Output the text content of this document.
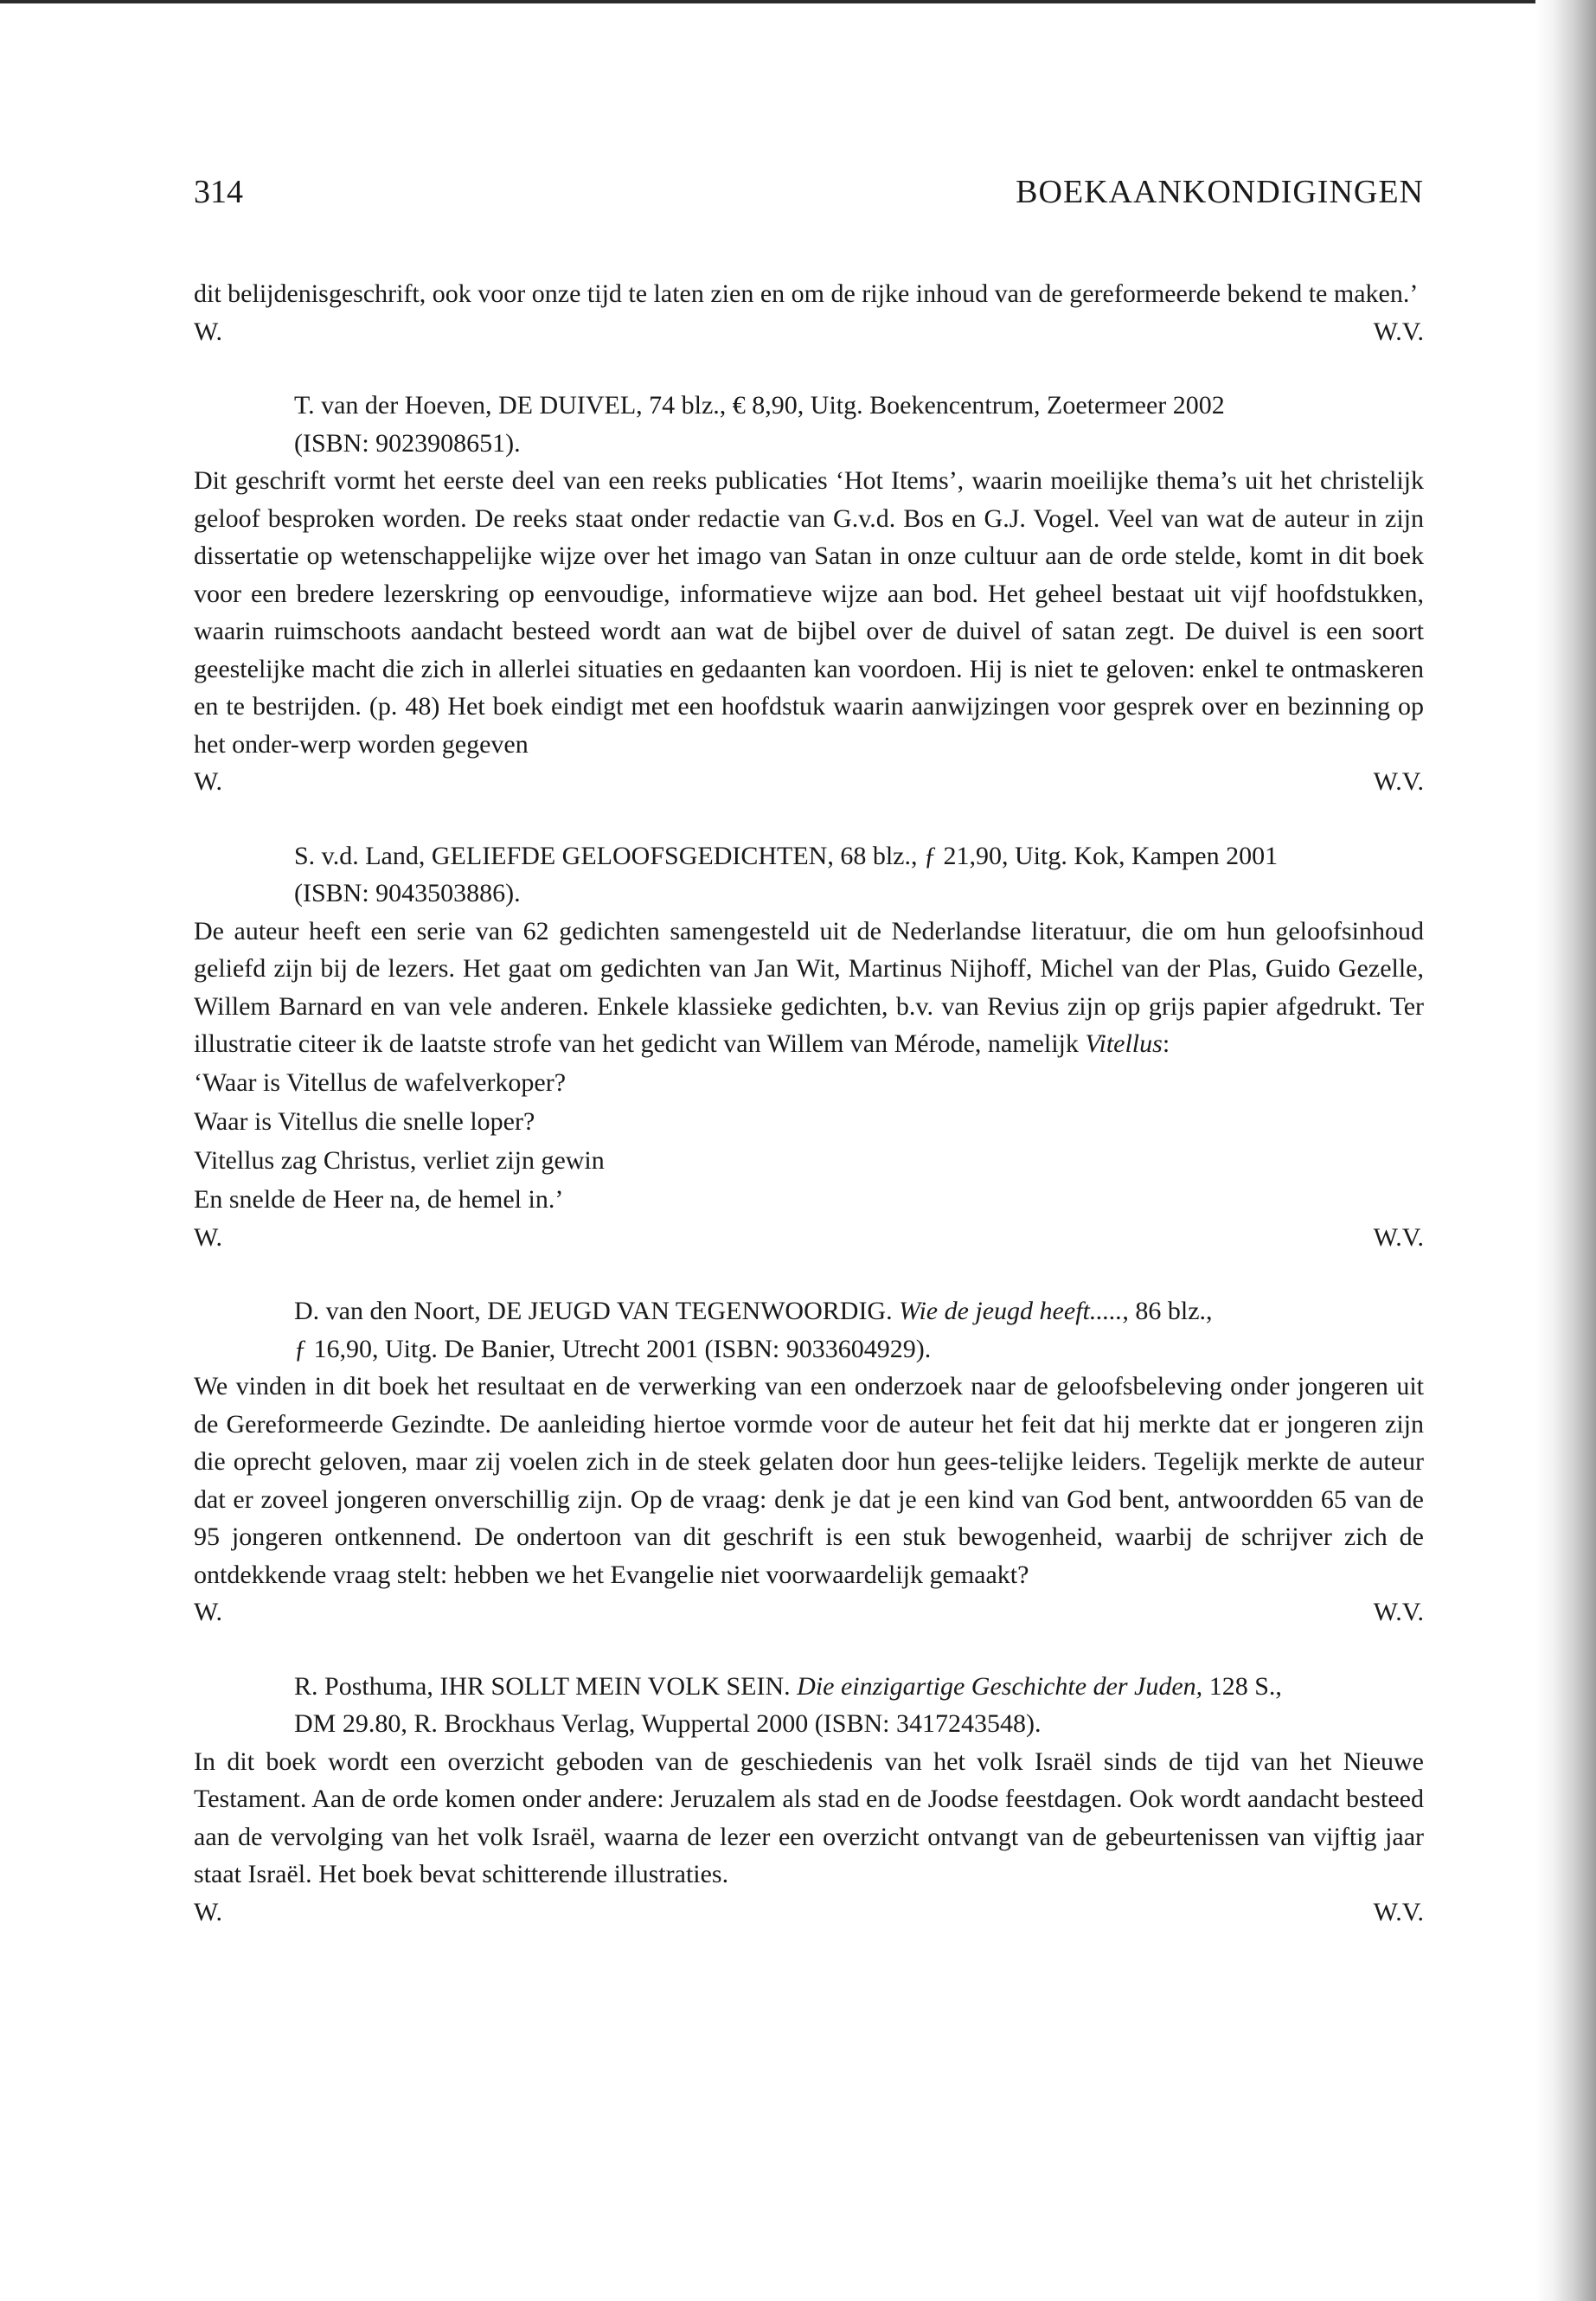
314	BOEKAANKONDIGINGEN

dit belijdenisgeschrift, ook voor onze tijd te laten zien en om de rijke inhoud van de gereformeerde bekend te maken.’

W.	W.V.

T. van der Hoeven, DE DUIVEL, 74 blz., € 8,90, Uitg. Boekencentrum, Zoetermeer 2002
(ISBN: 9023908651).

Dit geschrift vormt het eerste deel van een reeks publicaties ‘Hot Items’, waarin moeilijke thema’s uit het christelijk geloof besproken worden. De reeks staat onder redactie van G.v.d. Bos en G.J. Vogel. Veel van wat de auteur in zijn dissertatie op wetenschappelijke wijze over het imago van Satan in onze cultuur aan de orde stelde, komt in dit boek voor een bredere lezerskring op eenvoudige, informatieve wijze aan bod. Het geheel bestaat uit vijf hoofdstukken, waarin ruimschoots aandacht besteed wordt aan wat de bijbel over de duivel of satan zegt. De duivel is een soort geestelijke macht die zich in allerlei situaties en gedaanten kan voordoen. Hij is niet te geloven: enkel te ontmaskeren en te bestrijden. (p. 48) Het boek eindigt met een hoofdstuk waarin aanwijzingen voor gesprek over en bezinning op het onder-werp worden gegeven

W.	W.V.

S. v.d. Land, GELIEFDE GELOOFSGEDICHTEN, 68 blz., ƒ 21,90, Uitg. Kok, Kampen 2001
(ISBN: 9043503886).

De auteur heeft een serie van 62 gedichten samengesteld uit de Nederlandse literatuur, die om hun geloofsinhoud geliefd zijn bij de lezers. Het gaat om gedichten van Jan Wit, Martinus Nijhoff, Michel van der Plas, Guido Gezelle, Willem Barnard en van vele anderen. Enkele klassieke gedichten, b.v. van Revius zijn op grijs papier afgedrukt. Ter illustratie citeer ik de laatste strofe van het gedicht van Willem van Mérode, namelijk Vitellus:

‘Waar is Vitellus de wafelverkoper?
Waar is Vitellus die snelle loper?
Vitellus zag Christus, verliet zijn gewin
En snelde de Heer na, de hemel in.’
W.	W.V.

D. van den Noort, DE JEUGD VAN TEGENWOORDIG. Wie de jeugd heeft....., 86 blz.,
ƒ 16,90, Uitg. De Banier, Utrecht 2001 (ISBN: 9033604929).

We vinden in dit boek het resultaat en de verwerking van een onderzoek naar de geloofsbeleving onder jongeren uit de Gereformeerde Gezindte. De aanleiding hiertoe vormde voor de auteur het feit dat hij merkte dat er jongeren zijn die oprecht geloven, maar zij voelen zich in de steek gelaten door hun gees-telijke leiders. Tegelijk merkte de auteur dat er zoveel jongeren onverschillig zijn. Op de vraag: denk je dat je een kind van God bent, antwoordden 65 van de 95 jongeren ontkennend. De ondertoon van dit geschrift is een stuk bewogenheid, waarbij de schrijver zich de ontdekkende vraag stelt: hebben we het Evangelie niet voorwaardelijk gemaakt?

W.	W.V.

R. Posthuma, IHR SOLLT MEIN VOLK SEIN. Die einzigartige Geschichte der Juden, 128 S.,
DM 29.80, R. Brockhaus Verlag, Wuppertal 2000 (ISBN: 3417243548).

In dit boek wordt een overzicht geboden van de geschiedenis van het volk Israël sinds de tijd van het Nieuwe Testament. Aan de orde komen onder andere: Jeruzalem als stad en de Joodse feestdagen. Ook wordt aandacht besteed aan de vervolging van het volk Israël, waarna de lezer een overzicht ontvangt van de gebeurtenissen van vijftig jaar staat Israël. Het boek bevat schitterende illustraties.

W.	W.V.
